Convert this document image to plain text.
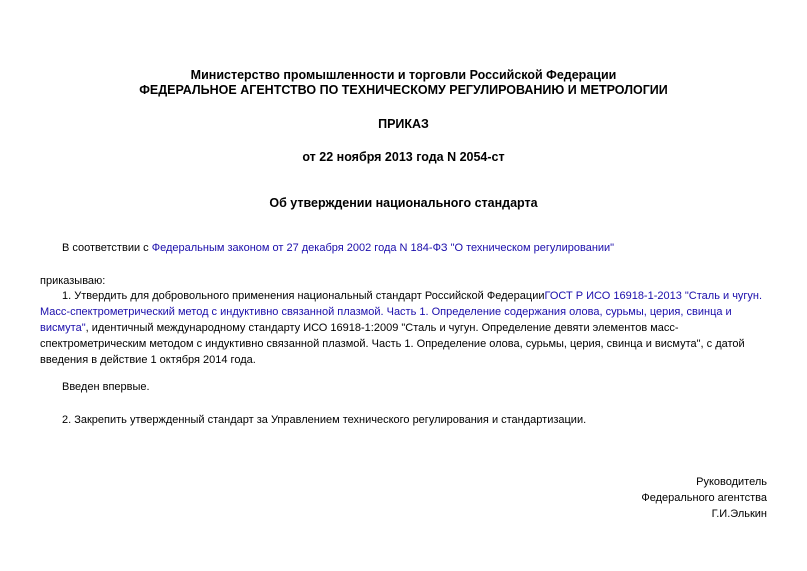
Министерство промышленности и торговли Российской Федерации
ФЕДЕРАЛЬНОЕ АГЕНТСТВО ПО ТЕХНИЧЕСКОМУ РЕГУЛИРОВАНИЮ И МЕТРОЛОГИИ
ПРИКАЗ
от 22 ноября 2013 года N 2054-ст
Об утверждении национального стандарта
В соответствии с Федеральным законом от 27 декабря 2002 года N 184-ФЗ "О техническом регулировании"
приказываю:
1. Утвердить для добровольного применения национальный стандарт Российской ФедерацииГОСТ Р ИСО 16918-1-2013 "Сталь и чугун. Масс-спектрометрический метод с индуктивно связанной плазмой. Часть 1. Определение содержания олова, сурьмы, церия, свинца и висмута", идентичный международному стандарту ИСО 16918-1:2009 "Сталь и чугун. Определение девяти элементов масс-спектрометрическим методом с индуктивно связанной плазмой. Часть 1. Определение олова, сурьмы, церия, свинца и висмута", с датой введения в действие 1 октября 2014 года.
Введен впервые.
2. Закрепить утвержденный стандарт за Управлением технического регулирования и стандартизации.
Руководитель
Федерального агентства
Г.И.Элькин
